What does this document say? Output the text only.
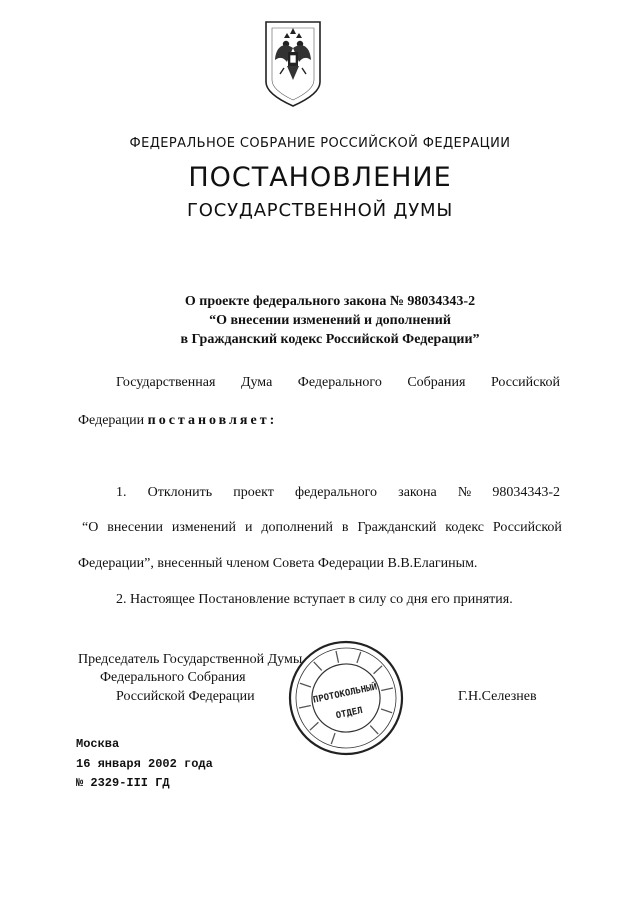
ФЕДЕРАЛЬНОЕ СОБРАНИЕ РОССИЙСКОЙ ФЕДЕРАЦИИ
ПОСТАНОВЛЕНИЕ
ГОСУДАРСТВЕННОЙ ДУМЫ
О проекте федерального закона № 98034343-2
“О внесении изменений и дополнений
в Гражданский кодекс Российской Федерации”
Государственная Дума Федерального Собрания Российской
Федерации постановляет:
1. Отклонить проект федерального закона № 98034343-2
“О внесении изменений и дополнений в Гражданский кодекс Российской
Федерации”, внесенный членом Совета Федерации В.В.Елагиным.
2. Настоящее Постановление вступает в силу со дня его принятия.
Председатель Государственной Думы
Федерального Собрания
Российской Федерации	Г.Н.Селезнев
ПРОТОКОЛЬНЫЙ
ОТДЕЛ
Москва
16 января 2002 года
№ 2329-III ГД
